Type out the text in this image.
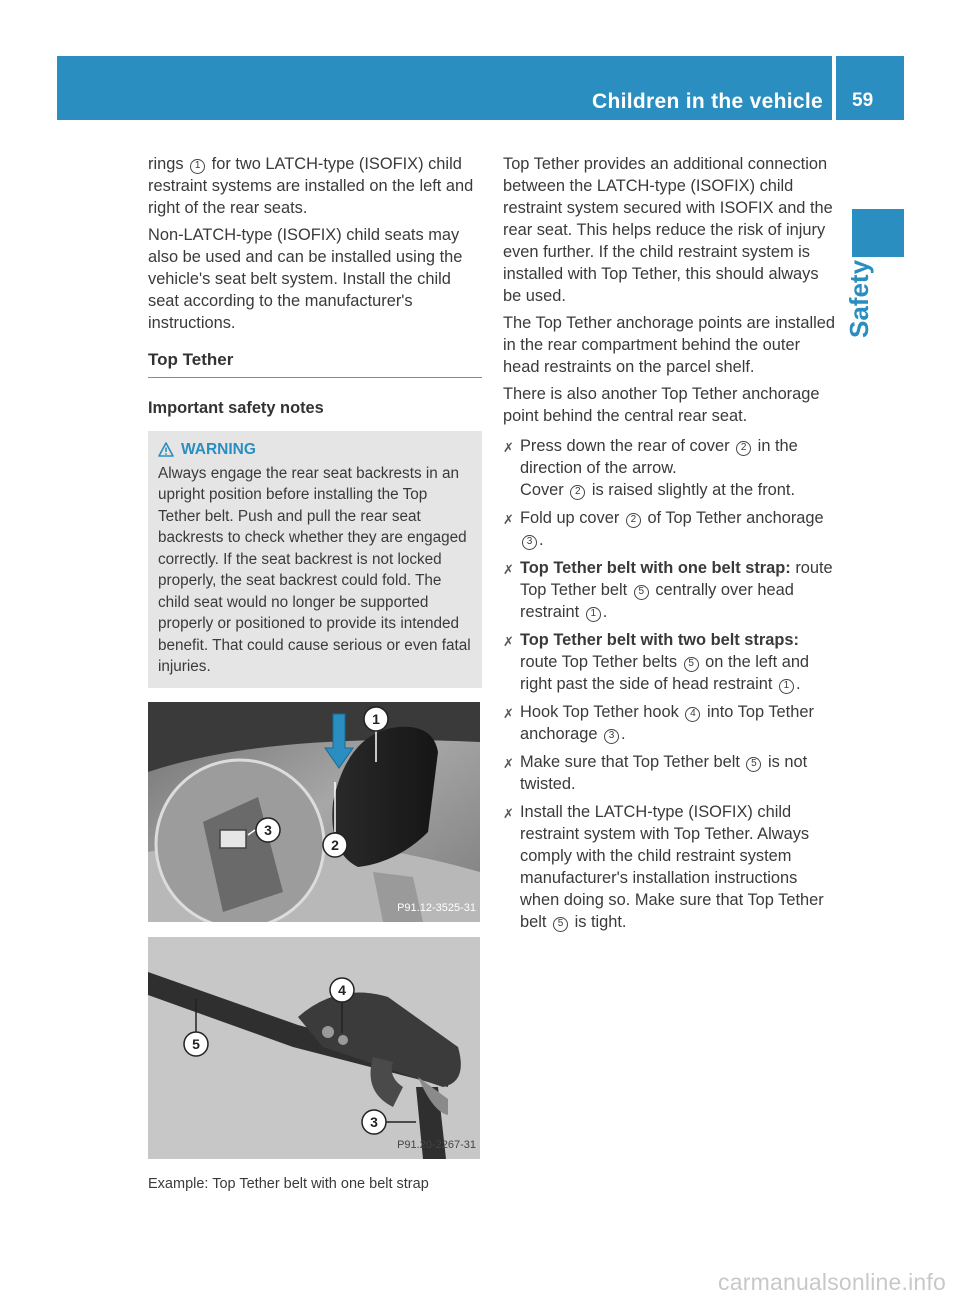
Children in the vehicle 59
Safety
rings 1 for two LATCH-type (ISOFIX) child
restraint systems are installed on the left and
right of the rear seats.
Non-LATCH-type (ISOFIX) child seats may
also be used and can be installed using the
vehicle's seat belt system. Install the child
seat according to the manufacturer's
instructions.
Top Tether
Important safety notes
WARNING
Always engage the rear seat backrests in an
upright position before installing the Top
Tether belt. Push and pull the rear seat
backrests to check whether they are engaged
correctly. If the seat backrest is not locked
properly, the seat backrest could fold. The
child seat would no longer be supported
properly or positioned to provide its intended
benefit. That could cause serious or even fatal
injuries.
1
2
3
P91.12-3525-31
4
5
3
P91.20-2267-31
Example: Top Tether belt with one belt strap
Top Tether provides an additional connection
between the LATCH-type (ISOFIX) child
restraint system secured with ISOFIX and the
rear seat. This helps reduce the risk of injury
even further. If the child restraint system is
installed with Top Tether, this should always
be used.
The Top Tether anchorage points are installed
in the rear compartment behind the outer
head restraints on the parcel shelf.
There is also another Top Tether anchorage
point behind the central rear seat.
✗ Press down the rear of cover 2 in the
direction of the arrow.
Cover 2 is raised slightly at the front.
✗ Fold up cover 2 of Top Tether anchorage
3 .
✗ Top Tether belt with one belt strap: route
Top Tether belt 5 centrally over head
restraint 1 .
✗ Top Tether belt with two belt straps:
route Top Tether belts 5 on the left and
right past the side of head restraint 1 .
✗ Hook Top Tether hook 4 into Top Tether
anchorage 3 .
✗ Make sure that Top Tether belt 5 is not
twisted.
✗ Install the LATCH-type (ISOFIX) child
restraint system with Top Tether. Always
comply with the child restraint system
manufacturer's installation instructions
when doing so. Make sure that Top Tether
belt 5 is tight.
carmanualsonline.info
